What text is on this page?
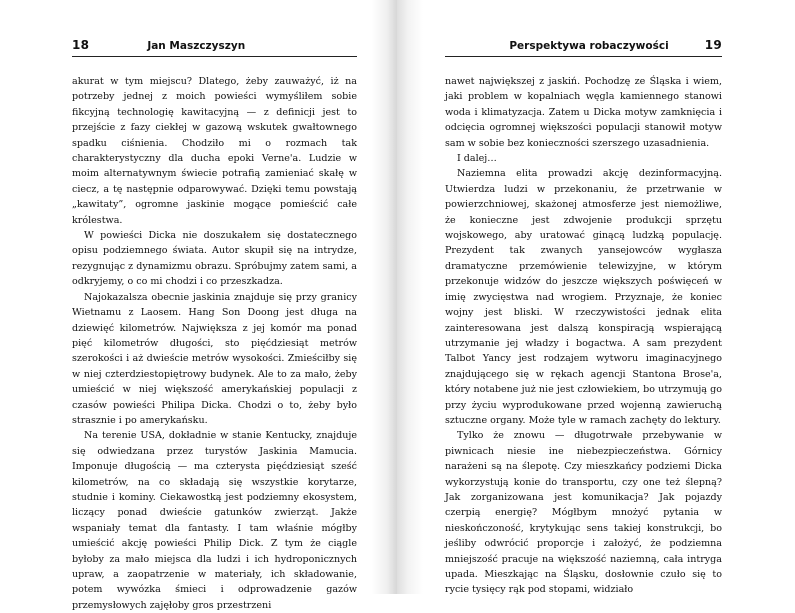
18	Jan Maszczyszyn

akurat w tym miejscu? Dlatego, żeby zauważyć, iż na potrzeby jednej z moich powieści wymyśliłem sobie fikcyjną technologię kawitacyjną — z definicji jest to przejście z fazy ciekłej w gazową wskutek gwałtownego spadku ciśnienia. Chodziło mi o rozmach tak charakterystyczny dla ducha epoki Verne'a. Ludzie w moim alternatywnym świecie potrafią zamieniać skałę w ciecz, a tę następnie odparowywać. Dzięki temu powstają „kawitaty”, ogromne jaskinie mogące pomieścić całe królestwa.

W powieści Dicka nie doszukałem się dostatecznego opisu podziemnego świata. Autor skupił się na intrydze, rezygnując z dynamizmu obrazu. Spróbujmy zatem sami, a odkryjemy, o co mi chodzi i co przeszkadza.

Najokazalsza obecnie jaskinia znajduje się przy granicy Wietnamu z Laosem. Hang Son Doong jest długa na dziewięć kilometrów. Największa z jej komór ma ponad pięć kilometrów długości, sto pięćdziesiąt metrów szerokości i aż dwieście metrów wysokości. Zmieściłby się w niej czterdziestopiętrowy budynek. Ale to za mało, żeby umieścić w niej większość amerykańskiej populacji z czasów powieści Philipa Dicka. Chodzi o to, żeby było strasznie i po amerykańsku.

Na terenie USA, dokładnie w stanie Kentucky, znajduje się odwiedzana przez turystów Jaskinia Mamucia. Imponuje długością — ma czterysta pięćdziesiąt sześć kilometrów, na co składają się wszystkie korytarze, studnie i kominy. Ciekawostką jest podziemny ekosystem, liczący ponad dwieście gatunków zwierząt. Jakże wspaniały temat dla fantasty. I tam właśnie mógłby umieścić akcję powieści Philip Dick. Z tym że ciągle byłoby za mało miejsca dla ludzi i ich hydroponicznych upraw, a zaopatrzenie w materiały, ich składowanie, potem wywózka śmieci i odprowadzenie gazów przemysłowych zajęłoby gros przestrzeni

Perspektywa robaczywości	19

nawet największej z jaskiń. Pochodzę ze Śląska i wiem, jaki problem w kopalniach węgla kamiennego stanowi woda i klimatyzacja. Zatem u Dicka motyw zamknięcia i odcięcia ogromnej większości populacji stanowił motyw sam w sobie bez konieczności szerszego uzasadnienia.

I dalej…

Naziemna elita prowadzi akcję dezinformacyjną. Utwierdza ludzi w przekonaniu, że przetrwanie w powierzchniowej, skażonej atmosferze jest niemożliwe, że konieczne jest zdwojenie produkcji sprzętu wojskowego, aby uratować ginącą ludzką populację. Prezydent tak zwanych yansejowców wygłasza dramatyczne przemówienie telewizyjne, w którym przekonuje widzów do jeszcze większych poświęceń w imię zwycięstwa nad wrogiem. Przyznaje, że koniec wojny jest bliski. W rzeczywistości jednak elita zainteresowana jest dalszą konspiracją wspierającą utrzymanie jej władzy i bogactwa. A sam prezydent Talbot Yancy jest rodzajem wytworu imaginacyjnego znajdującego się w rękach agencji Stantona Brose'a, który notabene już nie jest człowiekiem, bo utrzymują go przy życiu wyprodukowane przed wojenną zawieruchą sztuczne organy. Może tyle w ramach zachęty do lektury.

Tylko że znowu — długotrwałe przebywanie w piwnicach niesie ine niebezpieczeństwa. Górnicy narażeni są na ślepotę. Czy mieszkańcy podziemi Dicka wykorzystują konie do transportu, czy one też ślepną? Jak zorganizowana jest komunikacja? Jak pojazdy czerpią energię? Mógłbym mnożyć pytania w nieskończoność, krytykując sens takiej konstrukcji, bo jeśliby odwrócić proporcje i założyć, że podziemna mniejszość pracuje na większość naziemną, cała intryga upada. Mieszkając na Śląsku, dosłownie czuło się to rycie tysięcy rąk pod stopami, widziało
